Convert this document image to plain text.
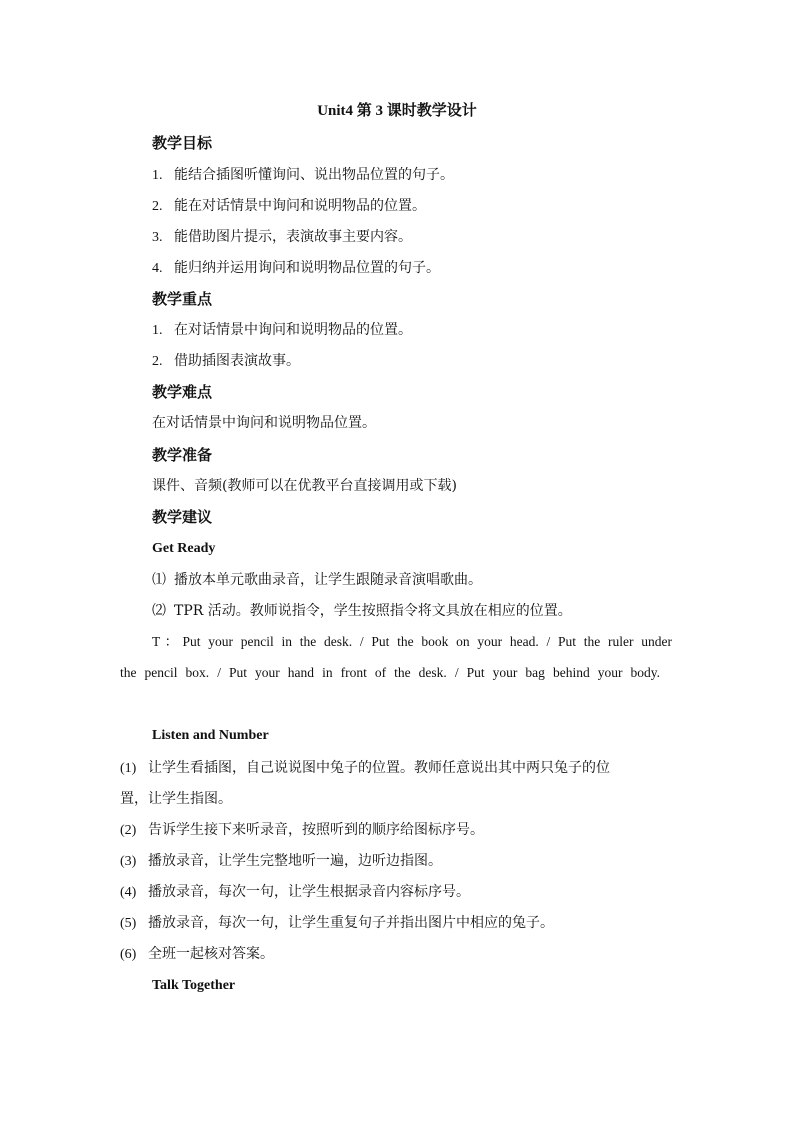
Unit4 第 3 课时教学设计
教学目标
1. 能结合插图听懂询问、说出物品位置的句子。
2. 能在对话情景中询问和说明物品的位置。
3. 能借助图片提示，表演故事主要内容。
4. 能归纳并运用询问和说明物品位置的句子。
教学重点
1. 在对话情景中询问和说明物品的位置。
2. 借助插图表演故事。
教学难点
在对话情景中询问和说明物品位置。
教学准备
课件、音频(教师可以在优教平台直接调用或下载)
教学建议
Get Ready
⑴ 播放本单元歌曲录音，让学生跟随录音演唱歌曲。
⑵ TPR 活动。教师说指令，学生按照指令将文具放在相应的位置。
T：Put your pencil in the desk. / Put the book on your head. / Put the ruler under
the pencil box. / Put your hand in front of the desk. / Put your bag behind your body.
Listen and Number
(1) 让学生看插图，自己说说图中兔子的位置。教师任意说出其中两只兔子的位
置，让学生指图。
(2) 告诉学生接下来听录音，按照听到的顺序给图标序号。
(3) 播放录音，让学生完整地听一遍，边听边指图。
(4) 播放录音，每次一句，让学生根据录音内容标序号。
(5) 播放录音，每次一句，让学生重复句子并指出图片中相应的兔子。
(6) 全班一起核对答案。
Talk Together
